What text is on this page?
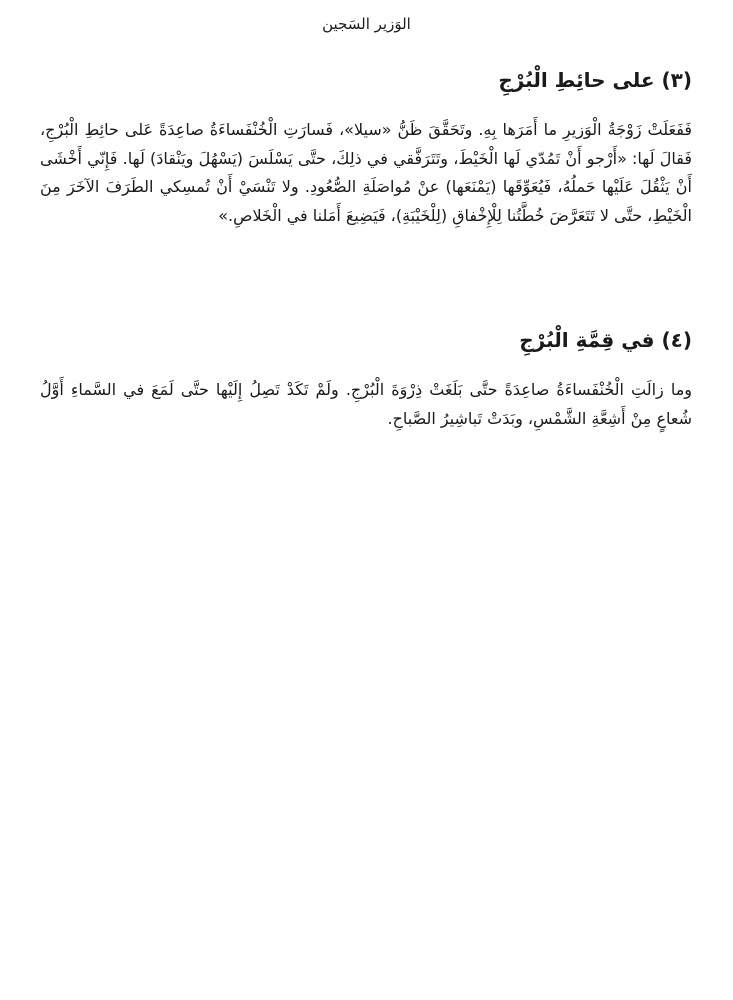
الوَزير السَجين

(٣) على حائِطِ الْبُرْجِ

فَفَعَلَتْ زَوْجَةُ الْوَزيرِ ما أَمَرَها بِهِ. وتَحَقَّقَ ظَنُّ «سيلا»، فَسارَتِ الْخُنْفَساءَةُ صاعِدَةً عَلى حائِطِ الْبُرْجِ، فَقالَ لَها: «أَرْجو أَنْ تَمُدّي لَها الْخَيْطَ، وتَتَرَفَّقي في ذلِكَ، حتَّى يَسْلَسَ (يَسْهُلَ ويَنْقادَ) لَها. فَإِنّي أَخْشَى أَنْ يَثْقُلَ عَلَيْها حَملُهُ، فَيُعَوِّقَها (يَمْنَعَها) عنْ مُواصَلَةِ الصُّعُودِ. ولا تَنْسَيْ أَنْ تُمسِكي الطَرَفَ الآخَرَ مِنَ الْخَيْطِ، حتَّى لا تَتَعَرَّضَ خُطَّتُنا لِلْإِخْفاقِ (لِلْخَيْبَةِ)، فَيَضِيعَ أَمَلنا في الْخَلاصِ.»

(٤) في قِمَّةِ الْبُرْجِ

وما زالَتِ الْخُنْفَساءَةُ صاعِدَةً حتَّى بَلَغَتْ ذِرْوَةَ الْبُرْجِ. ولَمْ تَكَدْ تَصِلُ إِلَيْها حتَّى لَمَعَ في السَّماءِ أَوَّلُ شُعاعٍ مِنْ أَشِعَّةِ الشَّمْسِ، وبَدَتْ تَباشِيرُ الصَّباحِ.
